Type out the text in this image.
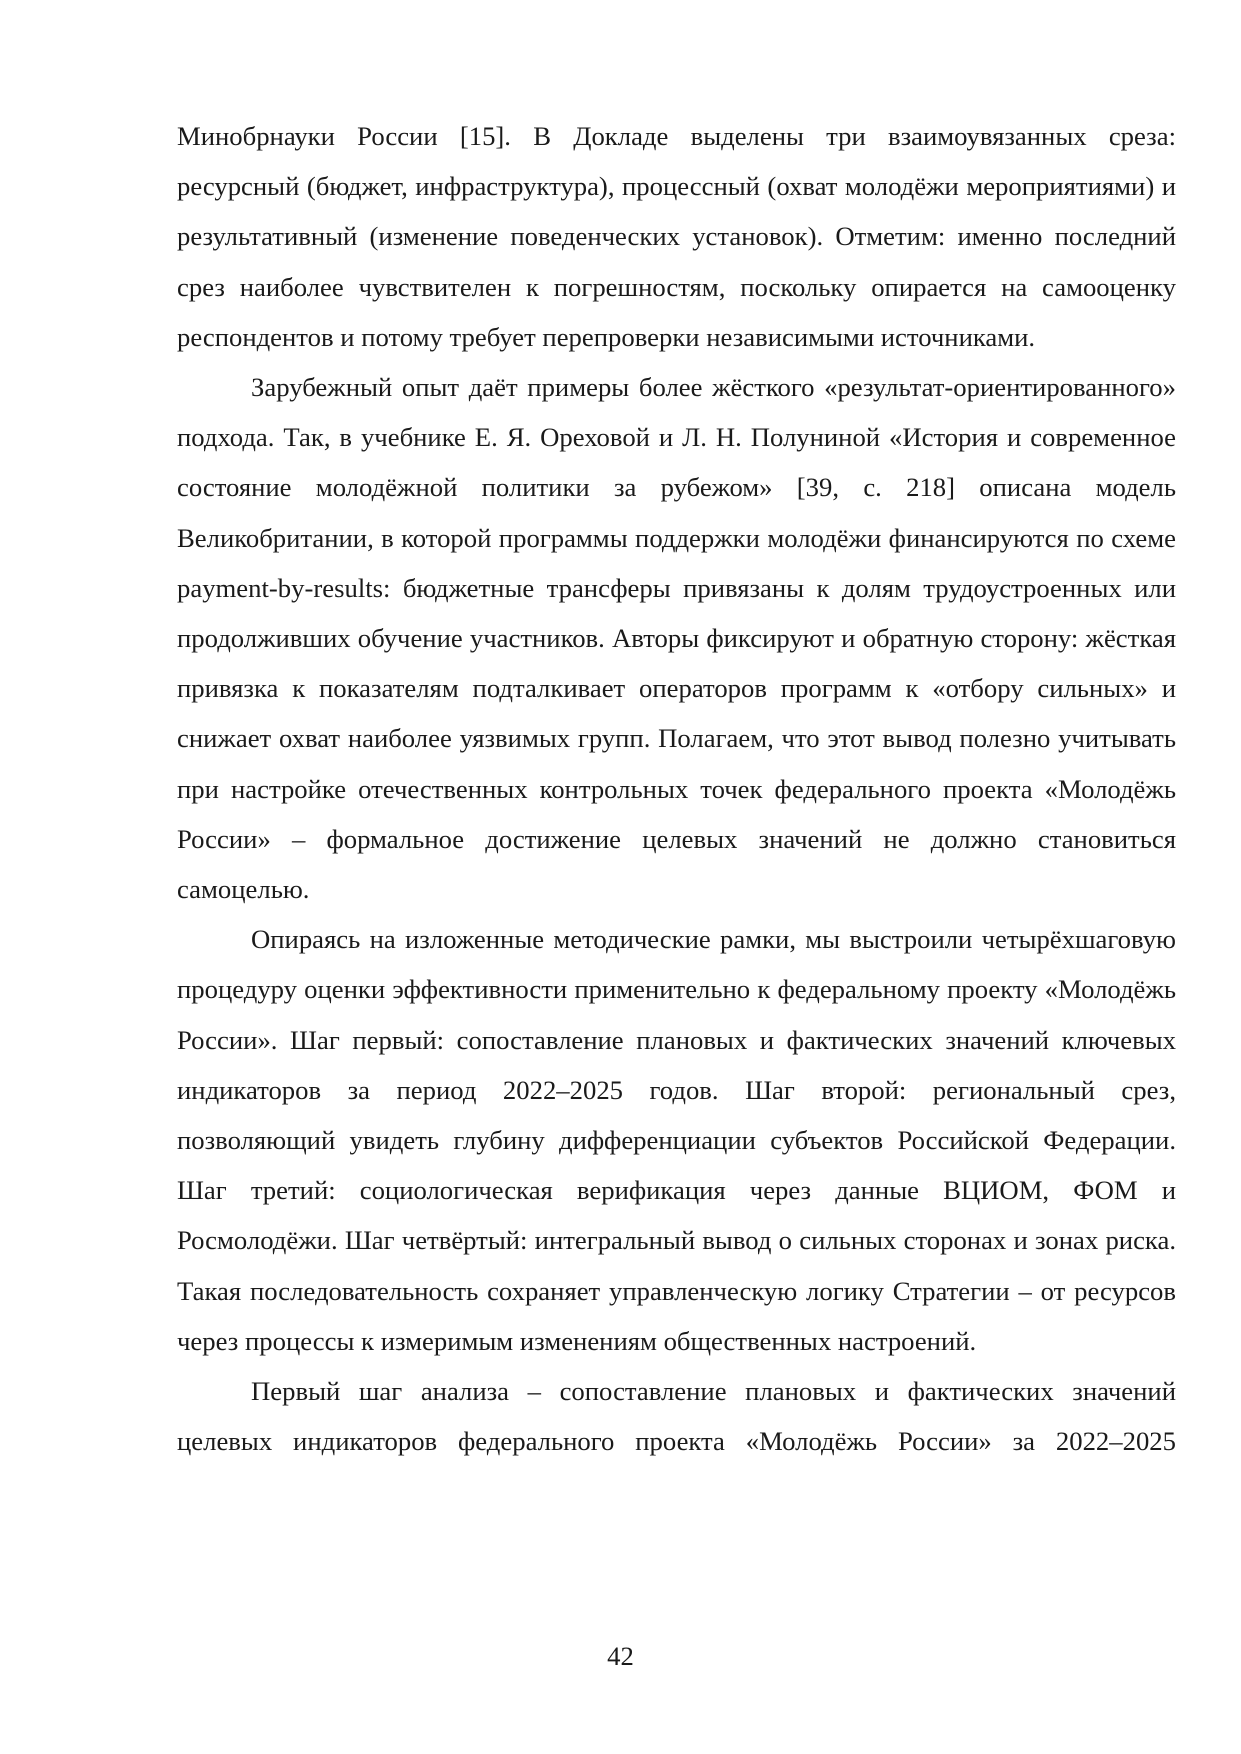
Минобрнауки России [15]. В Докладе выделены три взаимоувязанных среза: ресурсный (бюджет, инфраструктура), процессный (охват молодёжи мероприятиями) и результативный (изменение поведенческих установок). Отметим: именно последний срез наиболее чувствителен к погрешностям, поскольку опирается на самооценку респондентов и потому требует перепроверки независимыми источниками.

Зарубежный опыт даёт примеры более жёсткого «результат-ориентированного» подхода. Так, в учебнике Е. Я. Ореховой и Л. Н. Полуниной «История и современное состояние молодёжной политики за рубежом» [39, с. 218] описана модель Великобритании, в которой программы поддержки молодёжи финансируются по схеме payment-by-results: бюджетные трансферы привязаны к долям трудоустроенных или продолживших обучение участников. Авторы фиксируют и обратную сторону: жёсткая привязка к показателям подталкивает операторов программ к «отбору сильных» и снижает охват наиболее уязвимых групп. Полагаем, что этот вывод полезно учитывать при настройке отечественных контрольных точек федерального проекта «Молодёжь России» – формальное достижение целевых значений не должно становиться самоцелью.

Опираясь на изложенные методические рамки, мы выстроили четырёхшаговую процедуру оценки эффективности применительно к федеральному проекту «Молодёжь России». Шаг первый: сопоставление плановых и фактических значений ключевых индикаторов за период 2022–2025 годов. Шаг второй: региональный срез, позволяющий увидеть глубину дифференциации субъектов Российской Федерации. Шаг третий: социологическая верификация через данные ВЦИОМ, ФОМ и Росмолодёжи. Шаг четвёртый: интегральный вывод о сильных сторонах и зонах риска. Такая последовательность сохраняет управленческую логику Стратегии – от ресурсов через процессы к измеримым изменениям общественных настроений.

Первый шаг анализа – сопоставление плановых и фактических значений целевых индикаторов федерального проекта «Молодёжь России» за 2022–2025

42
